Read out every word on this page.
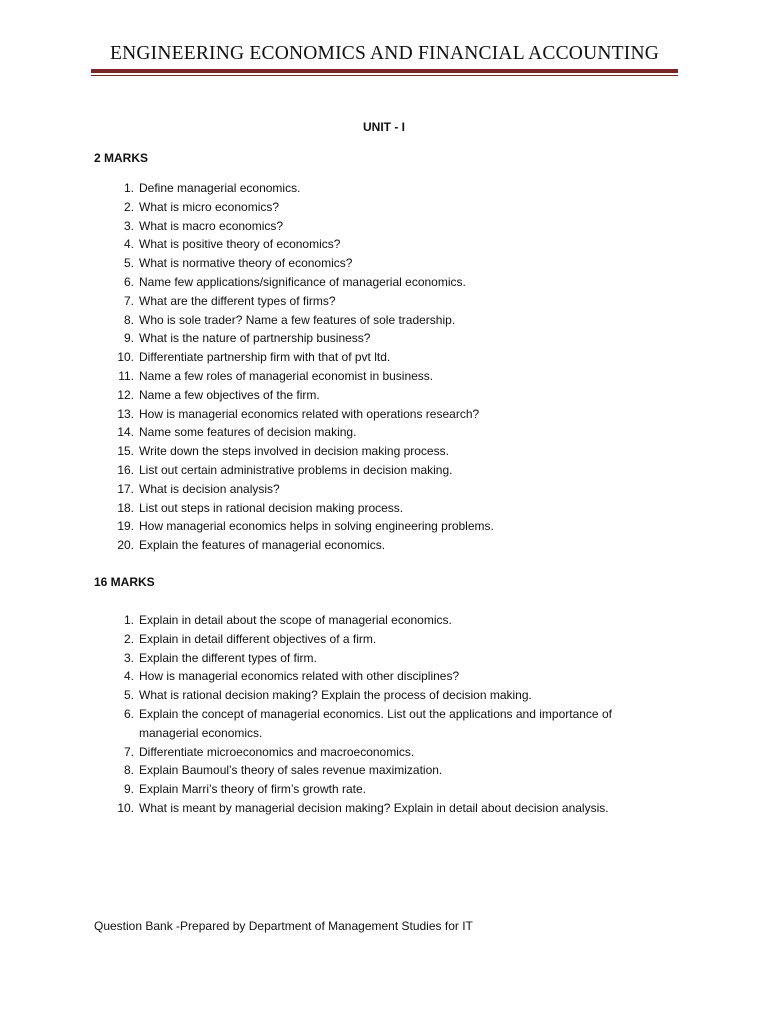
ENGINEERING ECONOMICS AND FINANCIAL ACCOUNTING
UNIT - I
2 MARKS
1. Define managerial economics.
2. What is micro economics?
3. What is macro economics?
4. What is positive theory of economics?
5. What is normative theory of economics?
6. Name few applications/significance of managerial economics.
7. What are the different types of firms?
8. Who is sole trader? Name a few features of sole tradership.
9. What is the nature of partnership business?
10. Differentiate partnership firm with that of pvt ltd.
11. Name a few roles of managerial economist in business.
12. Name a few objectives of the firm.
13. How is managerial economics related with operations research?
14. Name some features of decision making.
15. Write down the steps involved in decision making process.
16. List out certain administrative problems in decision making.
17. What is decision analysis?
18. List out steps in rational decision making process.
19. How managerial economics helps in solving engineering problems.
20. Explain the features of managerial economics.
16 MARKS
1. Explain in detail about the scope of managerial economics.
2. Explain in detail different objectives of a firm.
3. Explain the different types of firm.
4. How is managerial economics related with other disciplines?
5. What is rational decision making? Explain the process of decision making.
6. Explain the concept of managerial economics. List out the applications and importance of managerial economics.
7. Differentiate microeconomics and macroeconomics.
8. Explain Baumoul’s theory of sales revenue maximization.
9. Explain Marri’s theory of firm’s growth rate.
10. What is meant by managerial decision making? Explain in detail about decision analysis.
Question Bank -Prepared by Department of Management Studies for IT
